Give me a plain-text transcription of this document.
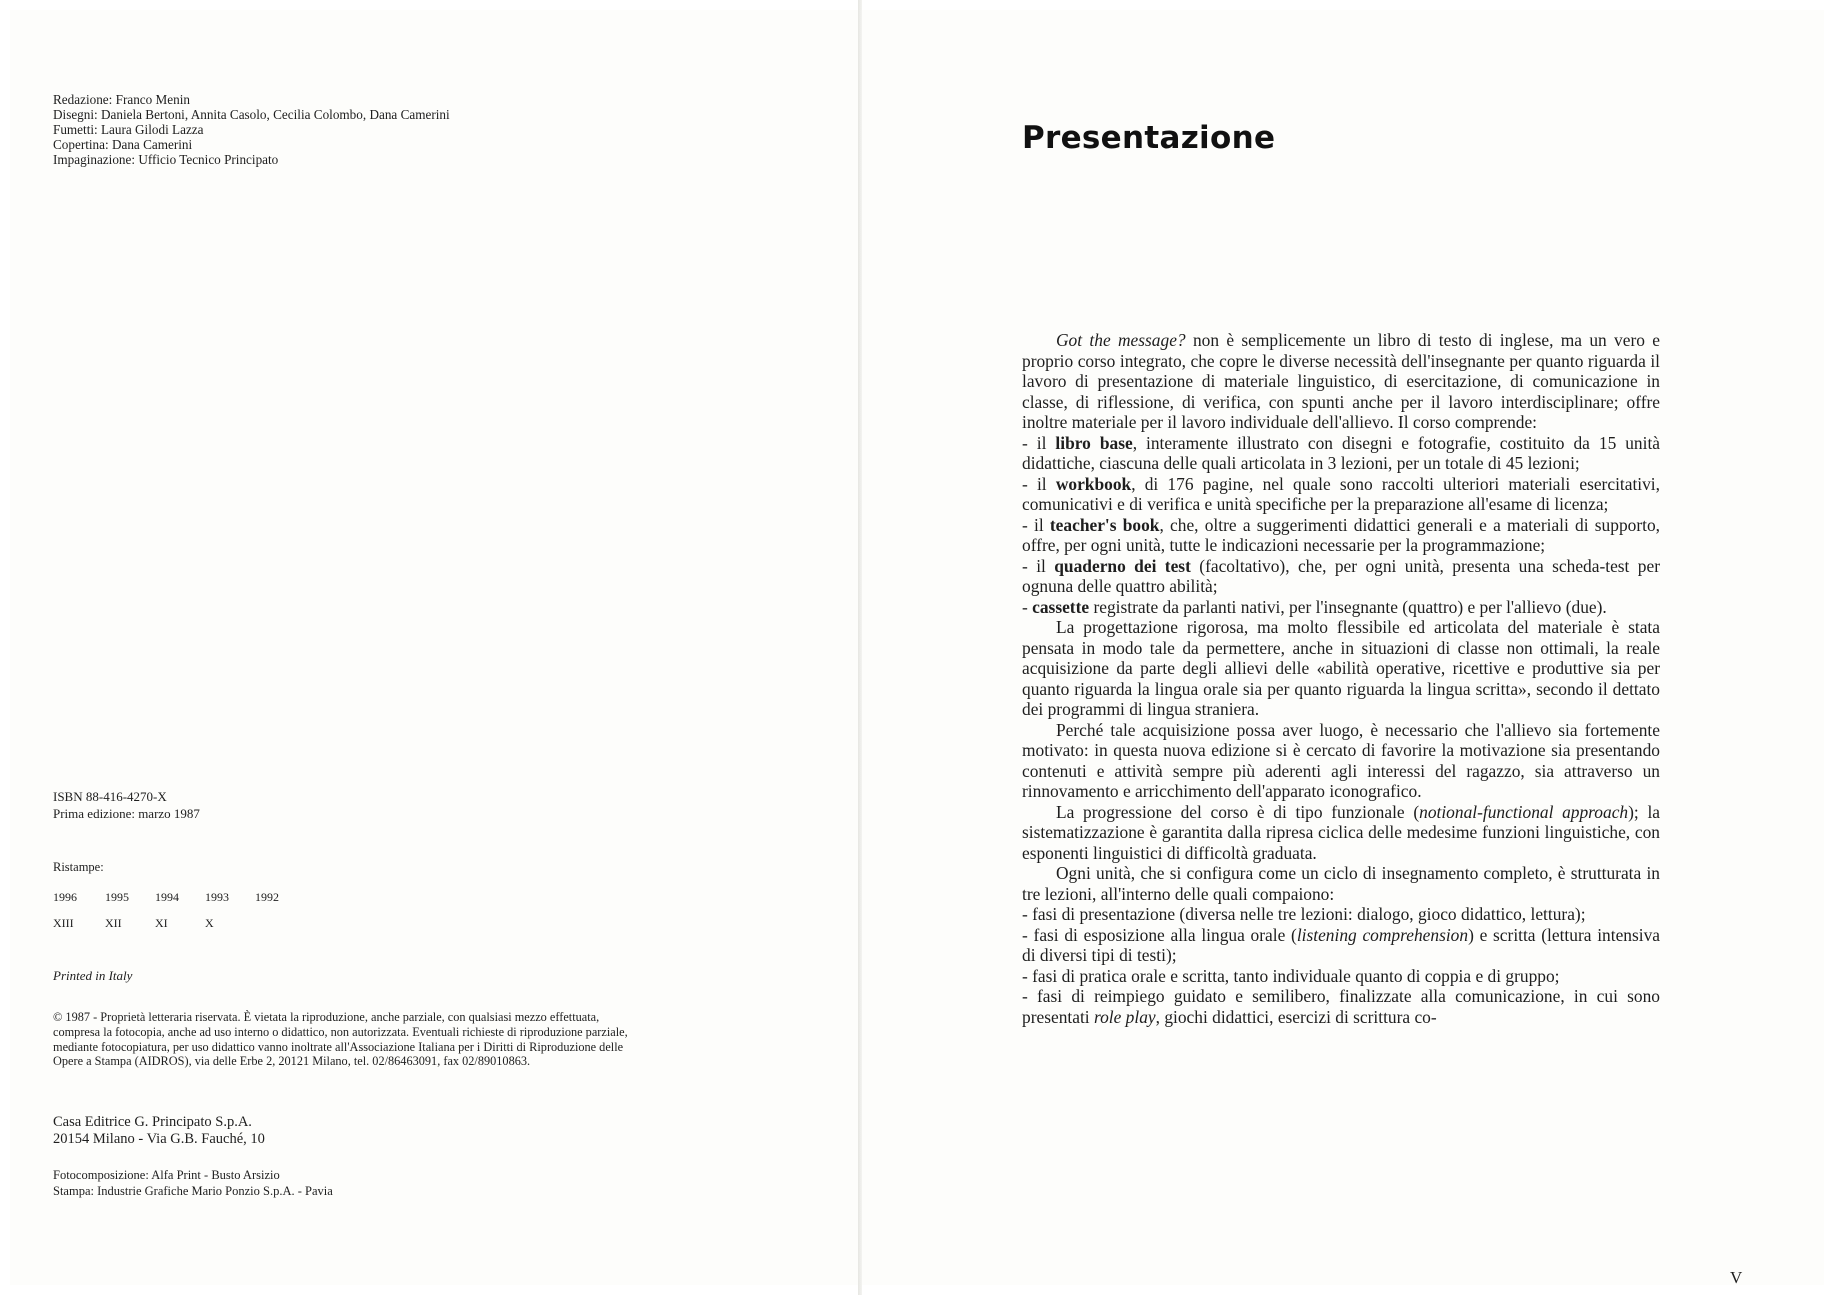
Redazione: Franco Menin
Disegni: Daniela Bertoni, Annita Casolo, Cecilia Colombo, Dana Camerini
Fumetti: Laura Gilodi Lazza
Copertina: Dana Camerini
Impaginazione: Ufficio Tecnico Principato
ISBN 88-416-4270-X
Prima edizione: marzo 1987
Ristampe:
1996	1995	1994	1993	1992
XIII	XII	XI	X
Printed in Italy
© 1987 - Proprietà letteraria riservata. È vietata la riproduzione, anche parziale, con qualsiasi mezzo effettuata, compresa la fotocopia, anche ad uso interno o didattico, non autorizzata. Eventuali richieste di riproduzione parziale, mediante fotocopiatura, per uso didattico vanno inoltrate all'Associazione Italiana per i Diritti di Riproduzione delle Opere a Stampa (AIDROS), via delle Erbe 2, 20121 Milano, tel. 02/86463091, fax 02/89010863.
Casa Editrice G. Principato S.p.A.
20154 Milano - Via G.B. Fauché, 10
Fotocomposizione: Alfa Print - Busto Arsizio
Stampa: Industrie Grafiche Mario Ponzio S.p.A. - Pavia
Presentazione

Got the message? non è semplicemente un libro di testo di inglese, ma un vero e proprio corso integrato, che copre le diverse necessità dell'insegnante per quanto riguarda il lavoro di presentazione di materiale linguistico, di esercitazione, di comunicazione in classe, di riflessione, di verifica, con spunti anche per il lavoro interdisciplinare; offre inoltre materiale per il lavoro individuale dell'allievo. Il corso comprende:

- il libro base, interamente illustrato con disegni e fotografie, costituito da 15 unità didattiche, ciascuna delle quali articolata in 3 lezioni, per un totale di 45 lezioni;

- il workbook, di 176 pagine, nel quale sono raccolti ulteriori materiali esercitativi, comunicativi e di verifica e unità specifiche per la preparazione all'esame di licenza;

- il teacher's book, che, oltre a suggerimenti didattici generali e a materiali di supporto, offre, per ogni unità, tutte le indicazioni necessarie per la programmazione;

- il quaderno dei test (facoltativo), che, per ogni unità, presenta una scheda-test per ognuna delle quattro abilità;

- cassette registrate da parlanti nativi, per l'insegnante (quattro) e per l'allievo (due).

La progettazione rigorosa, ma molto flessibile ed articolata del materiale è stata pensata in modo tale da permettere, anche in situazioni di classe non ottimali, la reale acquisizione da parte degli allievi delle «abilità operative, ricettive e produttive sia per quanto riguarda la lingua orale sia per quanto riguarda la lingua scritta», secondo il dettato dei programmi di lingua straniera.

Perché tale acquisizione possa aver luogo, è necessario che l'allievo sia fortemente motivato: in questa nuova edizione si è cercato di favorire la motivazione sia presentando contenuti e attività sempre più aderenti agli interessi del ragazzo, sia attraverso un rinnovamento e arricchimento dell'apparato iconografico.

La progressione del corso è di tipo funzionale (notional-functional approach); la sistematizzazione è garantita dalla ripresa ciclica delle medesime funzioni linguistiche, con esponenti linguistici di difficoltà graduata.

Ogni unità, che si configura come un ciclo di insegnamento completo, è strutturata in tre lezioni, all'interno delle quali compaiono:

- fasi di presentazione (diversa nelle tre lezioni: dialogo, gioco didattico, lettura);

- fasi di esposizione alla lingua orale (listening comprehension) e scritta (lettura intensiva di diversi tipi di testi);

- fasi di pratica orale e scritta, tanto individuale quanto di coppia e di gruppo;

- fasi di reimpiego guidato e semilibero, finalizzate alla comunicazione, in cui sono presentati role play, giochi didattici, esercizi di scrittura co-

V
